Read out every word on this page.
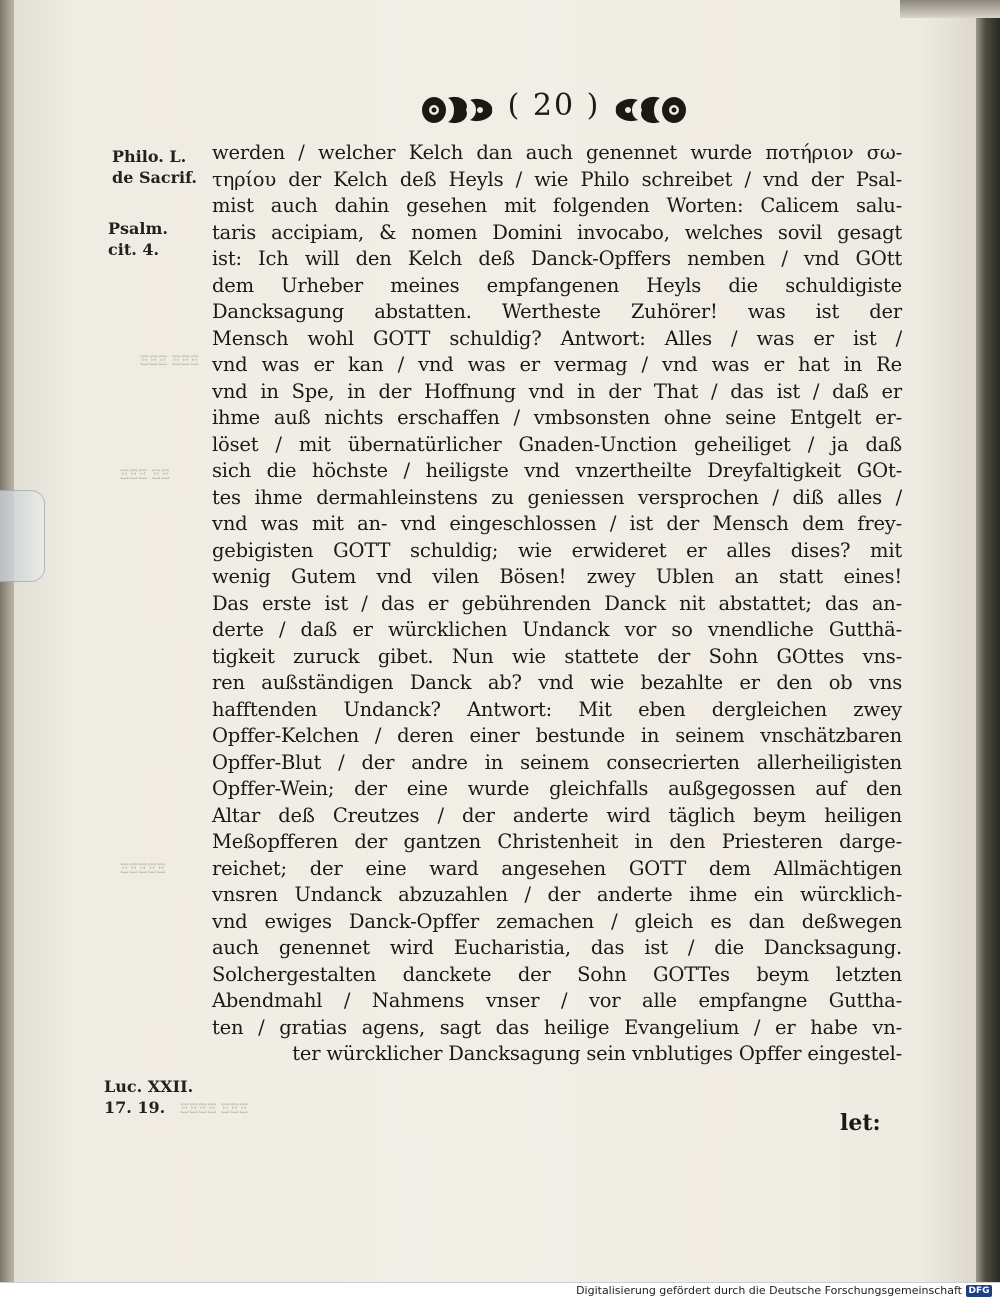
ΞΞΞ ΞΞΞ
ΞΞΞ ΞΞ
ΞΞΞΞΞ
ΞΞΞΞ ΞΞΞ
( 20 )
Philo. L.
de Sacrif.
Psalm.
cit. 4.
Luc. XXII.
17. 19.
werden / welcher Kelch dan auch genennet wurde ποτήριον σω-
τηρίου der Kelch deß Heyls / wie Philo schreibet / vnd der Psal-
mist auch dahin gesehen mit folgenden Worten: Calicem salu-
taris accipiam, & nomen Domini invocabo, welches sovil gesagt
ist: Ich will den Kelch deß Danck-Opffers nemben / vnd GOtt
dem Urheber meines empfangenen Heyls die schuldigiste
Dancksagung abstatten. Wertheste Zuhörer! was ist der
Mensch wohl GOTT schuldig? Antwort: Alles / was er ist /
vnd was er kan / vnd was er vermag / vnd was er hat in Re
vnd in Spe, in der Hoffnung vnd in der That / das ist / daß er
ihme auß nichts erschaffen / vmbsonsten ohne seine Entgelt er-
löset / mit übernatürlicher Gnaden-Unction geheiliget / ja daß
sich die höchste / heiligste vnd vnzertheilte Dreyfaltigkeit GOt-
tes ihme dermahleinstens zu geniessen versprochen / diß alles /
vnd was mit an- vnd eingeschlossen / ist der Mensch dem frey-
gebigisten GOTT schuldig; wie erwideret er alles dises? mit
wenig Gutem vnd vilen Bösen! zwey Ublen an statt eines!
Das erste ist / das er gebührenden Danck nit abstattet; das an-
derte / daß er würcklichen Undanck vor so vnendliche Gutthä-
tigkeit zuruck gibet. Nun wie stattete der Sohn GOttes vns-
ren außständigen Danck ab? vnd wie bezahlte er den ob vns
hafftenden Undanck? Antwort: Mit eben dergleichen zwey
Opffer-Kelchen / deren einer bestunde in seinem vnschätzbaren
Opffer-Blut / der andre in seinem consecrierten allerheiligisten
Opffer-Wein; der eine wurde gleichfalls außgegossen auf den
Altar deß Creutzes / der anderte wird täglich beym heiligen
Meßopfferen der gantzen Christenheit in den Priesteren darge-
reichet; der eine ward angesehen GOTT dem Allmächtigen
vnsren Undanck abzuzahlen / der anderte ihme ein würcklich-
vnd ewiges Danck-Opffer zemachen / gleich es dan deßwegen
auch genennet wird Eucharistia, das ist / die Dancksagung.
Solchergestalten danckete der Sohn GOTTes beym letzten
Abendmahl / Nahmens vnser / vor alle empfangne Guttha-
ten / gratias agens, sagt das heilige Evangelium / er habe vn-
ter würcklicher Dancksagung sein vnblutiges Opffer eingestel-
let:
Digitalisierung gefördert durch die Deutsche Forschungsgemeinschaft DFG
